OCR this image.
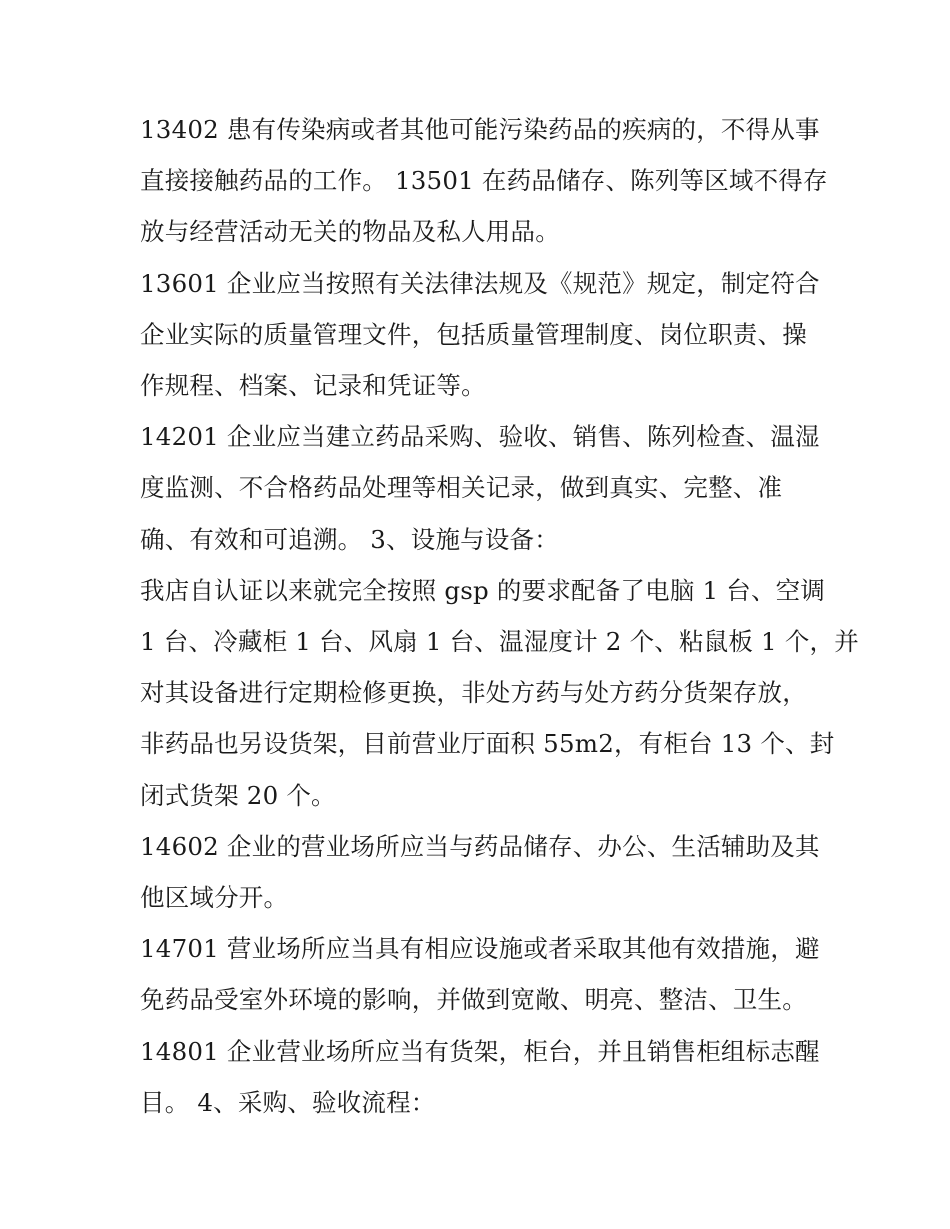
13402 患有传染病或者其他可能污染药品的疾病的，不得从事
直接接触药品的工作。 13501 在药品储存、陈列等区域不得存
放与经营活动无关的物品及私人用品。

13601 企业应当按照有关法律法规及《规范》规定，制定符合
企业实际的质量管理文件，包括质量管理制度、岗位职责、操
作规程、档案、记录和凭证等。

14201 企业应当建立药品采购、验收、销售、陈列检查、温湿
度监测、不合格药品处理等相关记录，做到真实、完整、准
确、有效和可追溯。 3、设施与设备：

我店自认证以来就完全按照 gsp 的要求配备了电脑 1 台、空调
1 台、冷藏柜 1 台、风扇 1 台、温湿度计 2 个、粘鼠板 1 个，并
对其设备进行定期检修更换，非处方药与处方药分货架存放，
非药品也另设货架，目前营业厅面积 55m2，有柜台 13 个、封
闭式货架 20 个。

14602 企业的营业场所应当与药品储存、办公、生活辅助及其
他区域分开。

14701 营业场所应当具有相应设施或者采取其他有效措施，避
免药品受室外环境的影响，并做到宽敞、明亮、整洁、卫生。

14801 企业营业场所应当有货架，柜台，并且销售柜组标志醒
目。 4、采购、验收流程：
